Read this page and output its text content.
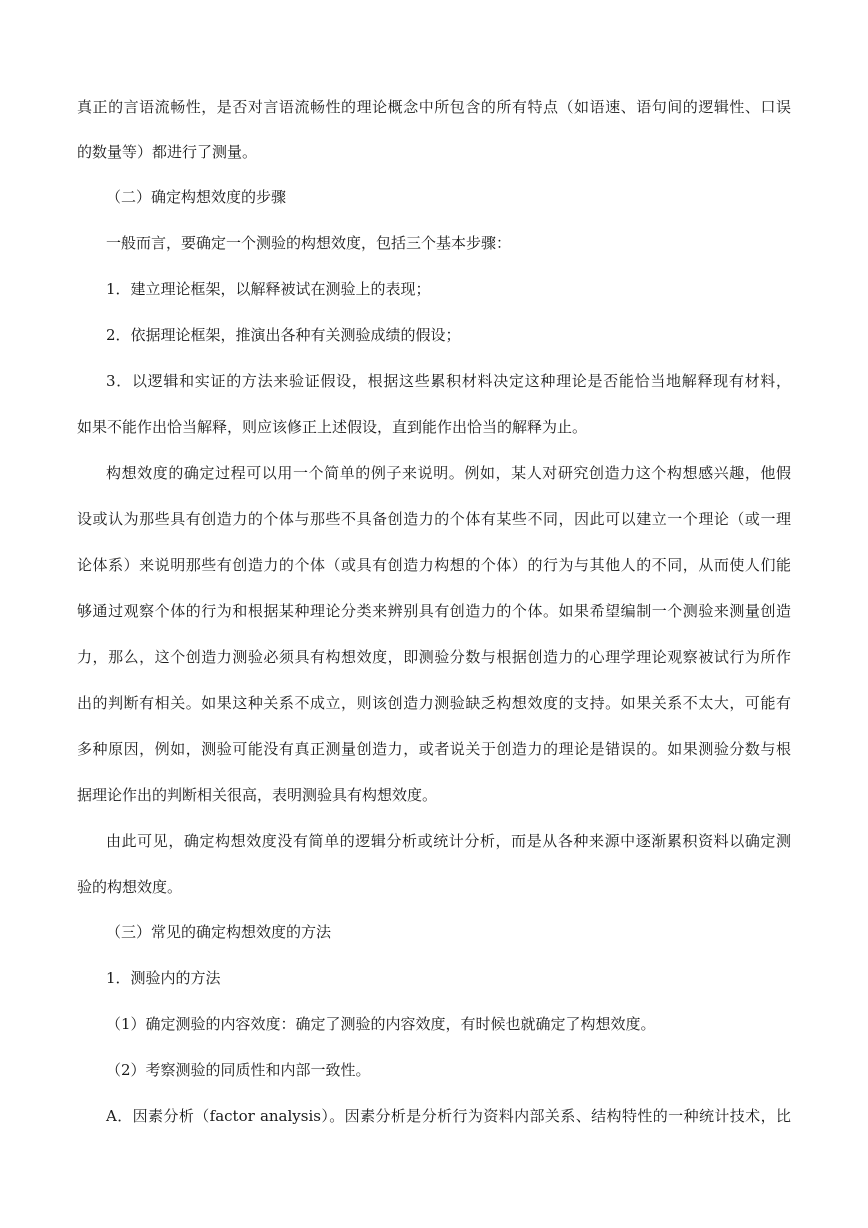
真正的言语流畅性，是否对言语流畅性的理论概念中所包含的所有特点（如语速、语句间的逻辑性、口误
的数量等）都进行了测量。
（二）确定构想效度的步骤
一般而言，要确定一个测验的构想效度，包括三个基本步骤：
1．建立理论框架，以解释被试在测验上的表现；
2．依据理论框架，推演出各种有关测验成绩的假设；
3．以逻辑和实证的方法来验证假设，根据这些累积材料决定这种理论是否能恰当地解释现有材料，
如果不能作出恰当解释，则应该修正上述假设，直到能作出恰当的解释为止。
构想效度的确定过程可以用一个简单的例子来说明。例如，某人对研究创造力这个构想感兴趣，他假
设或认为那些具有创造力的个体与那些不具备创造力的个体有某些不同，因此可以建立一个理论（或一理
论体系）来说明那些有创造力的个体（或具有创造力构想的个体）的行为与其他人的不同，从而使人们能
够通过观察个体的行为和根据某种理论分类来辨别具有创造力的个体。如果希望编制一个测验来测量创造
力，那么，这个创造力测验必须具有构想效度，即测验分数与根据创造力的心理学理论观察被试行为所作
出的判断有相关。如果这种关系不成立，则该创造力测验缺乏构想效度的支持。如果关系不太大，可能有
多种原因，例如，测验可能没有真正测量创造力，或者说关于创造力的理论是错误的。如果测验分数与根
据理论作出的判断相关很高，表明测验具有构想效度。
由此可见，确定构想效度没有简单的逻辑分析或统计分析，而是从各种来源中逐渐累积资料以确定测
验的构想效度。
（三）常见的确定构想效度的方法
1．测验内的方法
（1）确定测验的内容效度：确定了测验的内容效度，有时候也就确定了构想效度。
（2）考察测验的同质性和内部一致性。
A．因素分析（factor analysis）。因素分析是分析行为资料内部关系、结构特性的一种统计技术，比
